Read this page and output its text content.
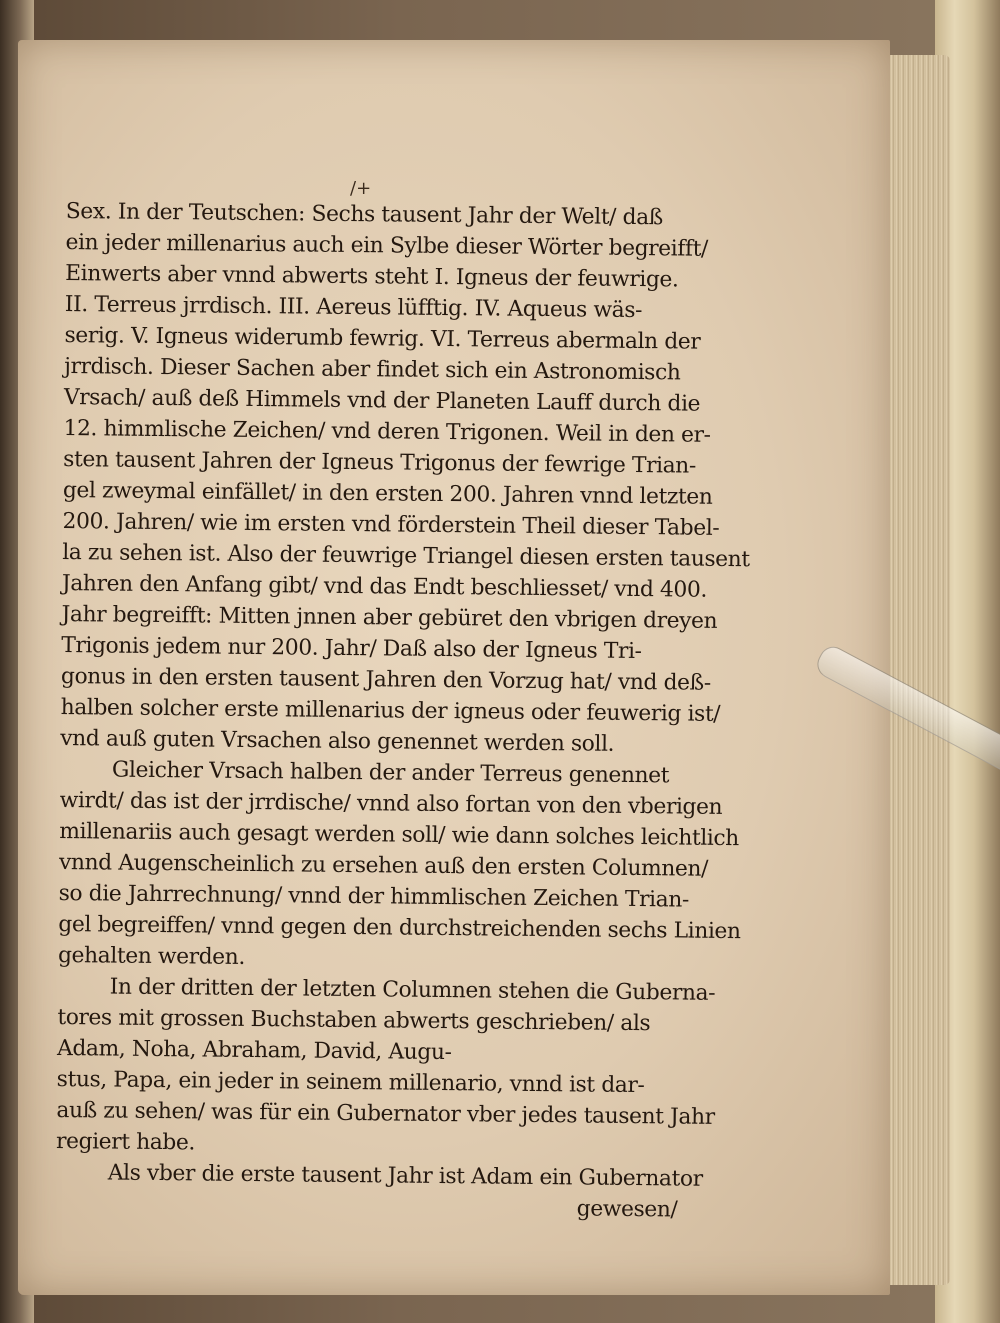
/+
Sex. In der Teutschen: Sechs tausent Jahr der Welt/ daß
ein jeder millenarius auch ein Sylbe dieser Wörter begreifft/
Einwerts aber vnnd abwerts steht I. Igneus der feuwrige.
II. Terreus jrrdisch. III. Aereus lüfftig. IV. Aqueus wäs-
serig. V. Igneus widerumb fewrig. VI. Terreus abermaln der
jrrdisch. Dieser Sachen aber findet sich ein Astronomisch
Vrsach/ auß deß Himmels vnd der Planeten Lauff durch die
12. himmlische Zeichen/ vnd deren Trigonen. Weil in den er-
sten tausent Jahren der Igneus Trigonus der fewrige Trian-
gel zweymal einfället/ in den ersten 200. Jahren vnnd letzten
200. Jahren/ wie im ersten vnd förderstein Theil dieser Tabel-
la zu sehen ist. Also der feuwrige Triangel diesen ersten tausent
Jahren den Anfang gibt/ vnd das Endt beschliesset/ vnd 400.
Jahr begreifft: Mitten jnnen aber gebüret den vbrigen dreyen
Trigonis jedem nur 200. Jahr/ Daß also der Igneus Tri-
gonus in den ersten tausent Jahren den Vorzug hat/ vnd deß-
halben solcher erste millenarius der igneus oder feuwerig ist/
vnd auß guten Vrsachen also genennet werden soll.
Gleicher Vrsach halben der ander Terreus genennet
wirdt/ das ist der jrrdische/ vnnd also fortan von den vberigen
millenariis auch gesagt werden soll/ wie dann solches leichtlich
vnnd Augenscheinlich zu ersehen auß den ersten Columnen/
so die Jahrrechnung/ vnnd der himmlischen Zeichen Trian-
gel begreiffen/ vnnd gegen den durchstreichenden sechs Linien
gehalten werden.
In der dritten der letzten Columnen stehen die Guberna-
tores mit grossen Buchstaben abwerts geschrieben/ als
Adam, Noha, Abraham, David, Augu-
stus, Papa, ein jeder in seinem millenario, vnnd ist dar-
auß zu sehen/ was für ein Gubernator vber jedes tausent Jahr
regiert habe.
Als vber die erste tausent Jahr ist Adam ein Gubernator
gewesen/
